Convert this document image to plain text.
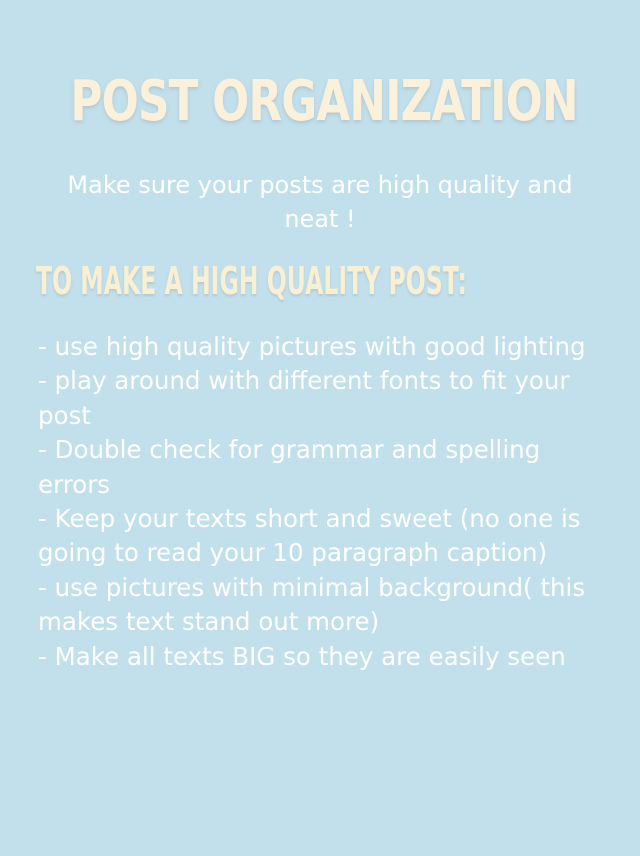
POST ORGANIZATION
Make sure your posts are high quality and neat !
TO MAKE A HIGH QUALITY POST:
- use high quality pictures with good lighting
- play around with different fonts to fit your post
- Double check for grammar and spelling errors
- Keep your texts short and sweet (no one is going to read your 10 paragraph caption)
- use pictures with minimal background( this makes text stand out more)
- Make all texts BIG so they are easily seen
